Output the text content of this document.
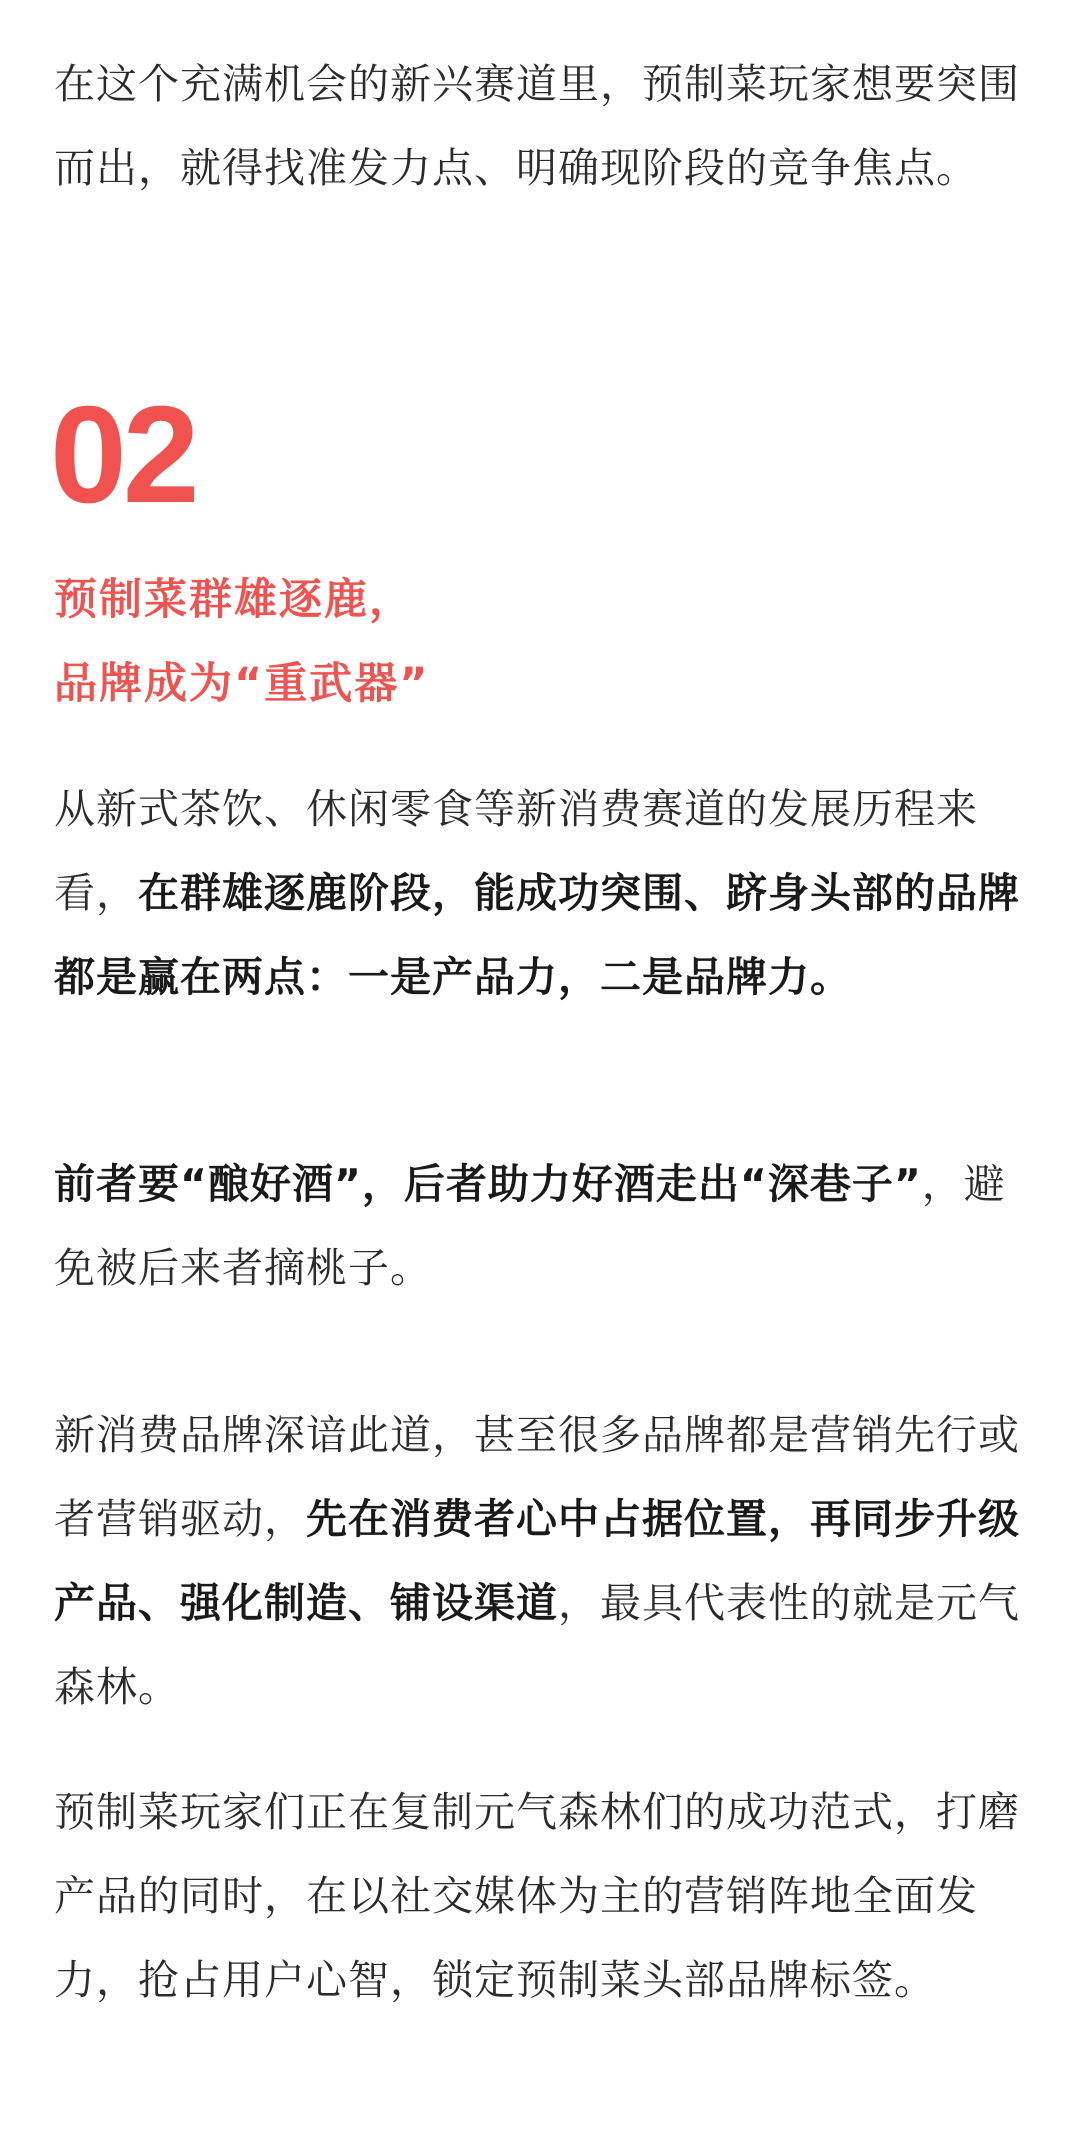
在这个充满机会的新兴赛道里，预制菜玩家想要突围而出，就得找准发力点、明确现阶段的竞争焦点。

02
预制菜群雄逐鹿，
品牌成为“重武器”

从新式茶饮、休闲零食等新消费赛道的发展历程来看，在群雄逐鹿阶段，能成功突围、跻身头部的品牌都是赢在两点：一是产品力，二是品牌力。

前者要“酿好酒”，后者助力好酒走出“深巷子”，避免被后来者摘桃子。

新消费品牌深谙此道，甚至很多品牌都是营销先行或者营销驱动，先在消费者心中占据位置，再同步升级产品、强化制造、铺设渠道，最具代表性的就是元气森林。

预制菜玩家们正在复制元气森林们的成功范式，打磨产品的同时，在以社交媒体为主的营销阵地全面发力，抢占用户心智，锁定预制菜头部品牌标签。
